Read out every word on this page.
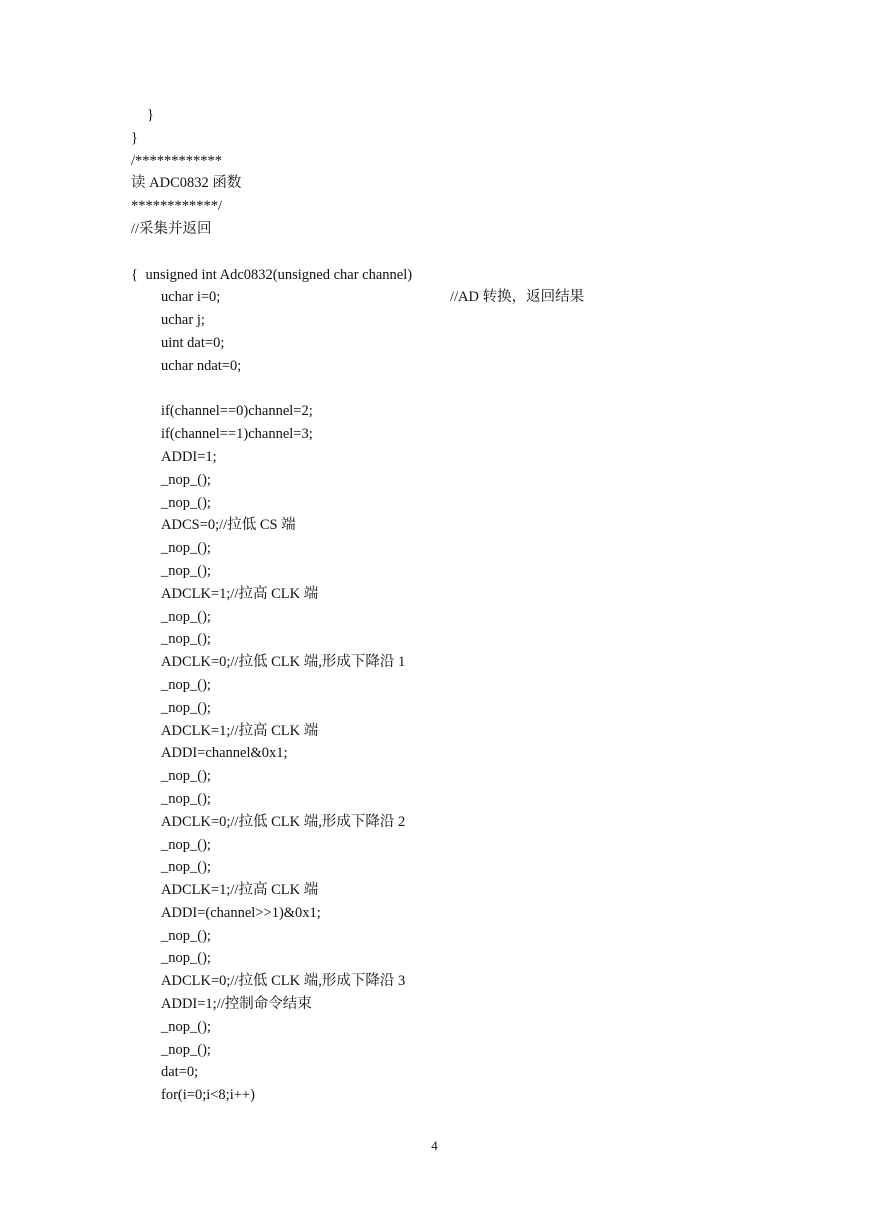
}
}
/************
读 ADC0832 函数
************/
//采集并返回

unsigned int Adc0832(unsigned char channel)

//AD 转换，返回结果

{
uchar i=0;
uchar j;
uint dat=0;
uchar ndat=0;
if(channel==0)channel=2;
if(channel==1)channel=3;
ADDI=1;
_nop_();
_nop_();
ADCS=0;//拉低 CS 端
_nop_();
_nop_();
ADCLK=1;//拉高 CLK 端
_nop_();
_nop_();
ADCLK=0;//拉低 CLK 端,形成下降沿 1
_nop_();
_nop_();
ADCLK=1;//拉高 CLK 端
ADDI=channel&0x1;
_nop_();
_nop_();
ADCLK=0;//拉低 CLK 端,形成下降沿 2
_nop_();
_nop_();
ADCLK=1;//拉高 CLK 端
ADDI=(channel>>1)&0x1;
_nop_();
_nop_();
ADCLK=0;//拉低 CLK 端,形成下降沿 3
ADDI=1;//控制命令结束
_nop_();
_nop_();
dat=0;
for(i=0;i<8;i++)
4
